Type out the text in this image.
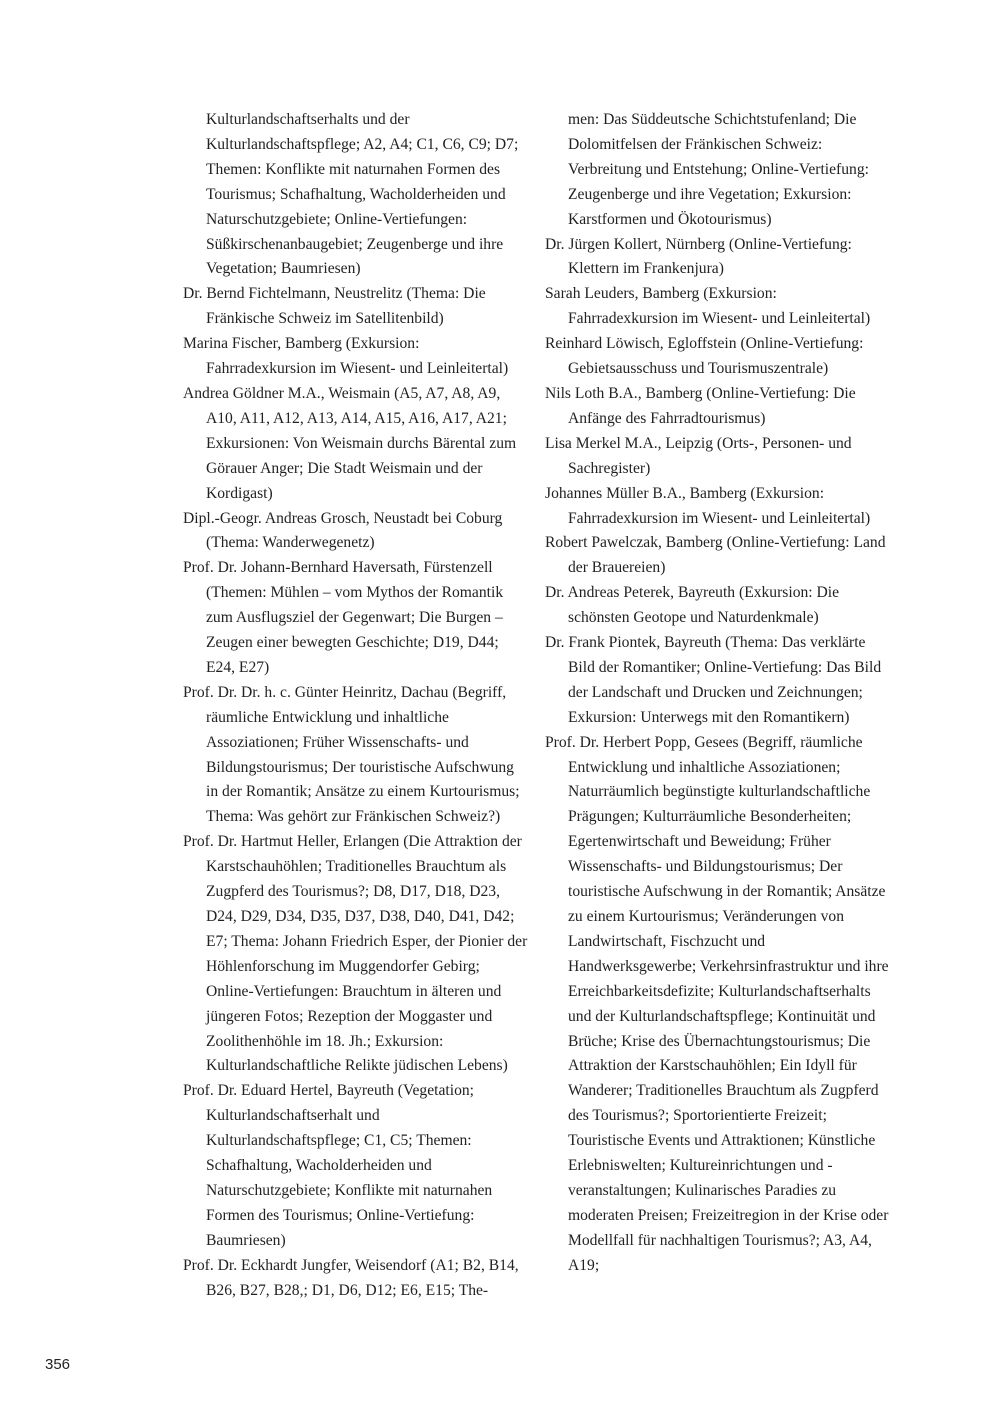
Kulturlandschaftserhalts und der Kulturlandschaftspflege; A2, A4; C1, C6, C9; D7; Themen: Konflikte mit naturnahen Formen des Tourismus; Schafhaltung, Wacholderheiden und Naturschutzgebiete; Online-Vertiefungen: Süßkirschenanbaugebiet; Zeugenberge und ihre Vegetation; Baumriesen)

Dr. Bernd Fichtelmann, Neustrelitz (Thema: Die Fränkische Schweiz im Satellitenbild)

Marina Fischer, Bamberg (Exkursion: Fahrradexkursion im Wiesent- und Leinleitertal)

Andrea Göldner M.A., Weismain (A5, A7, A8, A9, A10, A11, A12, A13, A14, A15, A16, A17, A21; Exkursionen: Von Weismain durchs Bärental zum Görauer Anger; Die Stadt Weismain und der Kordigast)

Dipl.-Geogr. Andreas Grosch, Neustadt bei Coburg (Thema: Wanderwegenetz)

Prof. Dr. Johann-Bernhard Haversath, Fürstenzell (Themen: Mühlen – vom Mythos der Romantik zum Ausflugsziel der Gegenwart; Die Burgen – Zeugen einer bewegten Geschichte; D19, D44; E24, E27)

Prof. Dr. Dr. h. c. Günter Heinritz, Dachau (Begriff, räumliche Entwicklung und inhaltliche Assoziationen; Früher Wissenschafts- und Bildungstourismus; Der touristische Aufschwung in der Romantik; Ansätze zu einem Kurtourismus; Thema: Was gehört zur Fränkischen Schweiz?)

Prof. Dr. Hartmut Heller, Erlangen (Die Attraktion der Karstschauhöhlen; Traditionelles Brauchtum als Zugpferd des Tourismus?; D8, D17, D18, D23, D24, D29, D34, D35, D37, D38, D40, D41, D42; E7; Thema: Johann Friedrich Esper, der Pionier der Höhlenforschung im Muggendorfer Gebirg; Online-Vertiefungen: Brauchtum in älteren und jüngeren Fotos; Rezeption der Moggaster und Zoolithenhöhle im 18. Jh.; Exkursion: Kulturlandschaftliche Relikte jüdischen Lebens)

Prof. Dr. Eduard Hertel, Bayreuth (Vegetation; Kulturlandschaftserhalt und Kulturlandschaftspflege; C1, C5; Themen: Schafhaltung, Wacholderheiden und Naturschutzgebiete; Konflikte mit naturnahen Formen des Tourismus; Online-Vertiefung: Baumriesen)

Prof. Dr. Eckhardt Jungfer, Weisendorf (A1; B2, B14, B26, B27, B28,; D1, D6, D12; E6, E15; The-

men: Das Süddeutsche Schichtstufenland; Die Dolomitfelsen der Fränkischen Schweiz: Verbreitung und Entstehung; Online-Vertiefung: Zeugenberge und ihre Vegetation; Exkursion: Karstformen und Ökotourismus)

Dr. Jürgen Kollert, Nürnberg (Online-Vertiefung: Klettern im Frankenjura)

Sarah Leuders, Bamberg (Exkursion: Fahrradexkursion im Wiesent- und Leinleitertal)

Reinhard Löwisch, Egloffstein (Online-Vertiefung: Gebietsausschuss und Tourismuszentrale)

Nils Loth B.A., Bamberg (Online-Vertiefung: Die Anfänge des Fahrradtourismus)

Lisa Merkel M.A., Leipzig (Orts-, Personen- und Sachregister)

Johannes Müller B.A., Bamberg (Exkursion: Fahrradexkursion im Wiesent- und Leinleitertal)

Robert Pawelczak, Bamberg (Online-Vertiefung: Land der Brauereien)

Dr. Andreas Peterek, Bayreuth (Exkursion: Die schönsten Geotope und Naturdenkmale)

Dr. Frank Piontek, Bayreuth (Thema: Das verklärte Bild der Romantiker; Online-Vertiefung: Das Bild der Landschaft und Drucken und Zeichnungen; Exkursion: Unterwegs mit den Romantikern)

Prof. Dr. Herbert Popp, Gesees (Begriff, räumliche Entwicklung und inhaltliche Assoziationen; Naturräumlich begünstigte kulturlandschaftliche Prägungen; Kulturräumliche Besonderheiten; Egertenwirtschaft und Beweidung; Früher Wissenschafts- und Bildungstourismus; Der touristische Aufschwung in der Romantik; Ansätze zu einem Kurtourismus; Veränderungen von Landwirtschaft, Fischzucht und Handwerksgewerbe; Verkehrsinfrastruktur und ihre Erreichbarkeitsdefizite; Kulturlandschaftserhalts und der Kulturlandschaftspflege; Kontinuität und Brüche; Krise des Übernachtungstourismus; Die Attraktion der Karstschauhöhlen; Ein Idyll für Wanderer; Traditionelles Brauchtum als Zugpferd des Tourismus?; Sportorientierte Freizeit; Touristische Events und Attraktionen; Künstliche Erlebniswelten; Kultureinrichtungen und -veranstaltungen; Kulinarisches Paradies zu moderaten Preisen; Freizeitregion in der Krise oder Modellfall für nachhaltigen Tourismus?; A3, A4, A19;

356
